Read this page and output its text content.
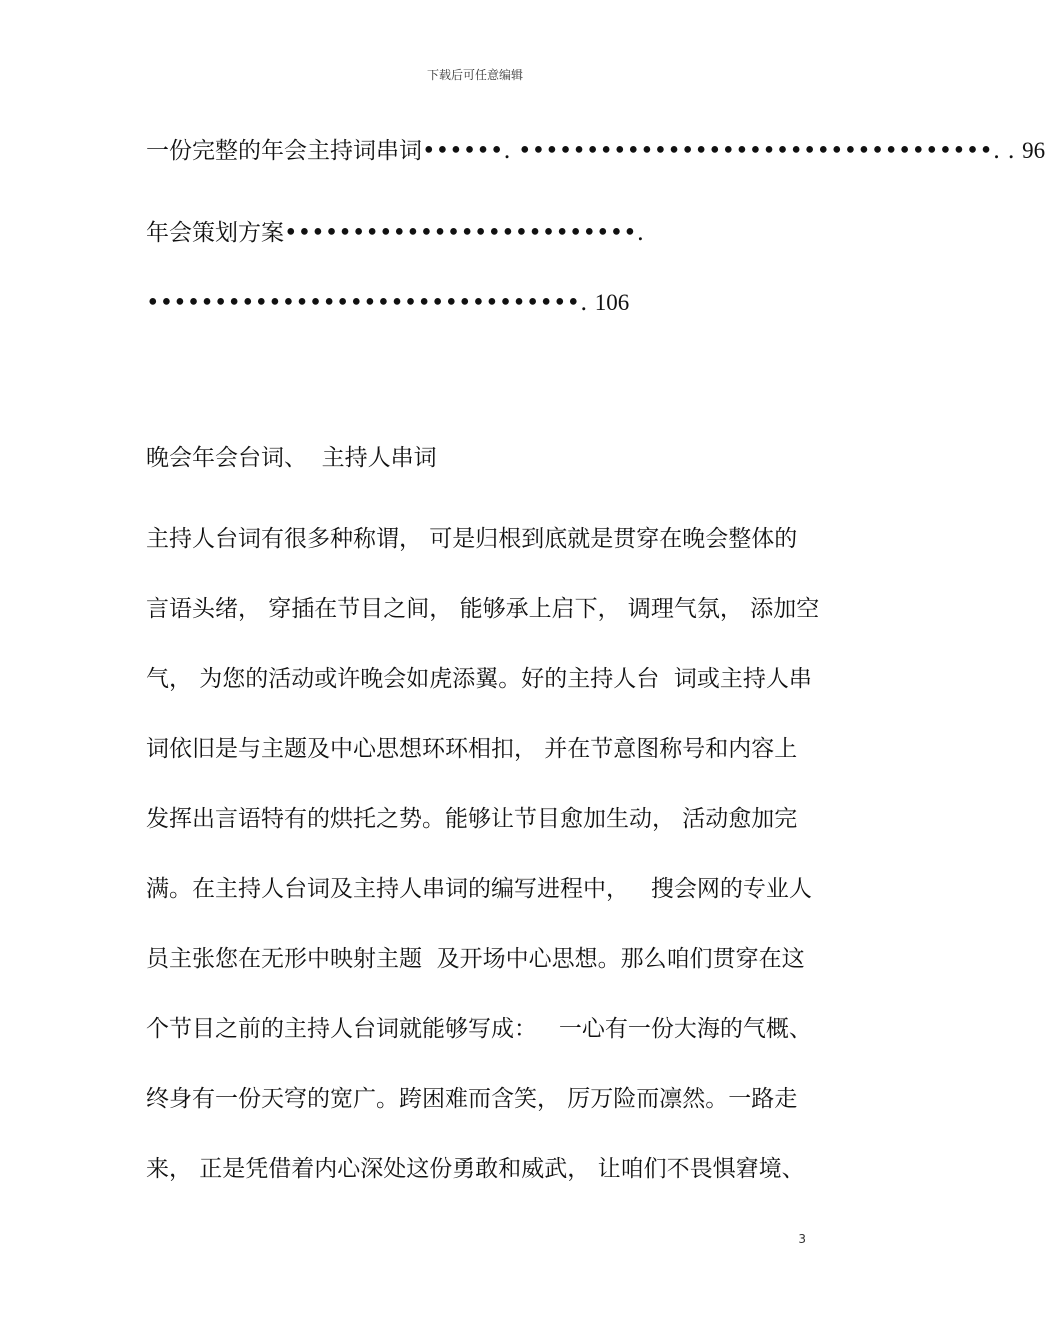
下载后可任意编辑
一份完整的年会主持词串词••••••. •••••••••••••••••••••••••••••••••••. . 96
年会策划方案••••••••••••••••••••••••••.
••••••••••••••••••••••••••••••••. 106
晚会年会台词、  主持人串词
主持人台词有很多种称谓， 可是归根到底就是贯穿在晚会整体的
言语头绪， 穿插在节目之间， 能够承上启下， 调理气氛， 添加空
气， 为您的活动或许晚会如虎添翼。好的主持人台  词或主持人串
词依旧是与主题及中心思想环环相扣， 并在节意图称号和内容上
发挥出言语特有的烘托之势。能够让节目愈加生动， 活动愈加完
满。在主持人台词及主持人串词的编写进程中，   搜会网的专业人
员主张您在无形中映射主题  及开场中心思想。那么咱们贯穿在这
个节目之前的主持人台词就能够写成：   一心有一份大海的气概、
终身有一份天穹的宽广。跨困难而含笑， 厉万险而凛然。一路走
来， 正是凭借着内心深处这份勇敢和威武， 让咱们不畏惧窘境、
3
